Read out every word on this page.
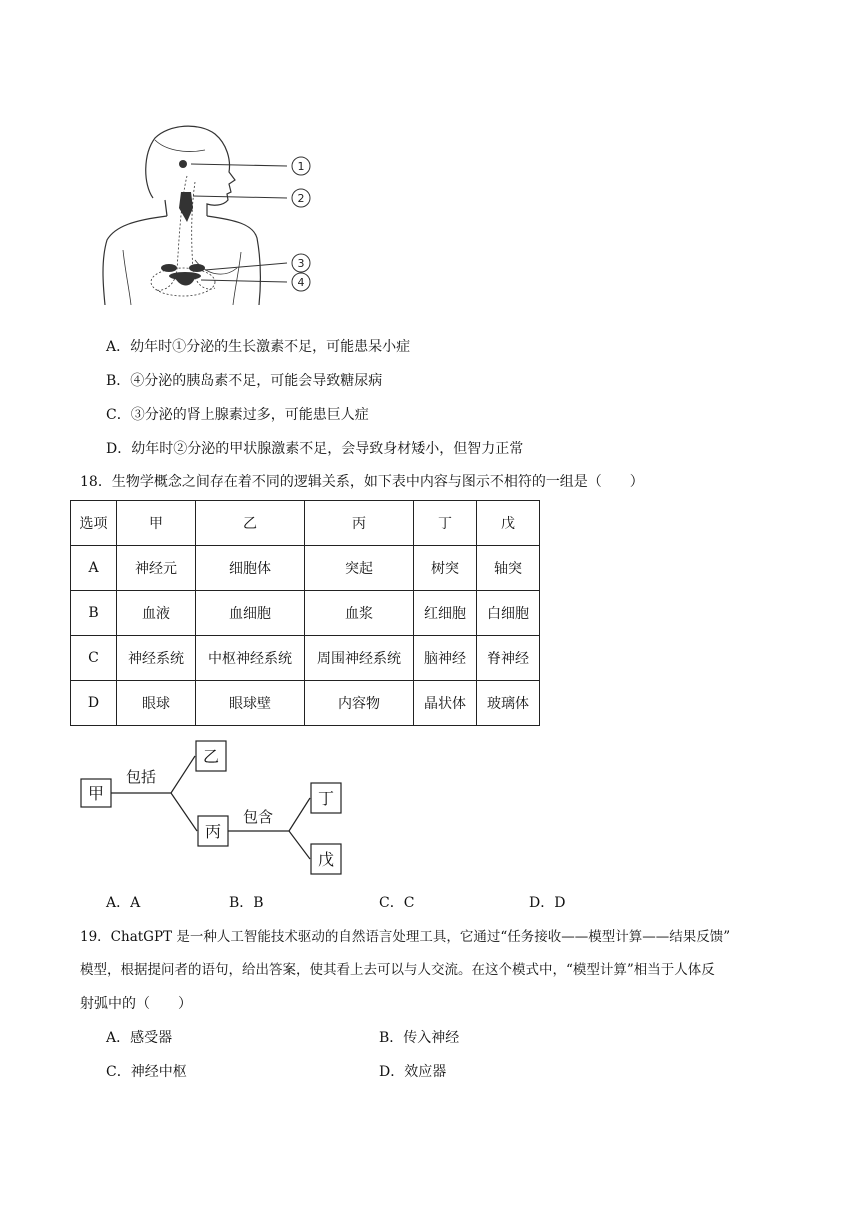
1
2
3
4
A．幼年时①分泌的生长激素不足，可能患呆小症
B．④分泌的胰岛素不足，可能会导致糖尿病
C．③分泌的肾上腺素过多，可能患巨人症
D．幼年时②分泌的甲状腺激素不足，会导致身材矮小，但智力正常
18．生物学概念之间存在着不同的逻辑关系，如下表中内容与图示不相符的一组是（　　）
选项	甲	乙	丙	丁	戊
A	神经元	细胞体	突起	树突	轴突
B	血液	血细胞	血浆	红细胞	白细胞
C	神经系统	中枢神经系统	周围神经系统	脑神经	脊神经
D	眼球	眼球壁	内容物	晶状体	玻璃体
甲
乙
丙
丁
戊
包括
包含
A．A	B．B	C．C	D．D
19．ChatGPT 是一种人工智能技术驱动的自然语言处理工具，它通过“任务接收——模型计算——结果反馈”
模型，根据提问者的语句，给出答案，使其看上去可以与人交流。在这个模式中，“模型计算”相当于人体反
射弧中的（　　）
A．感受器	B．传入神经
C．神经中枢	D．效应器
